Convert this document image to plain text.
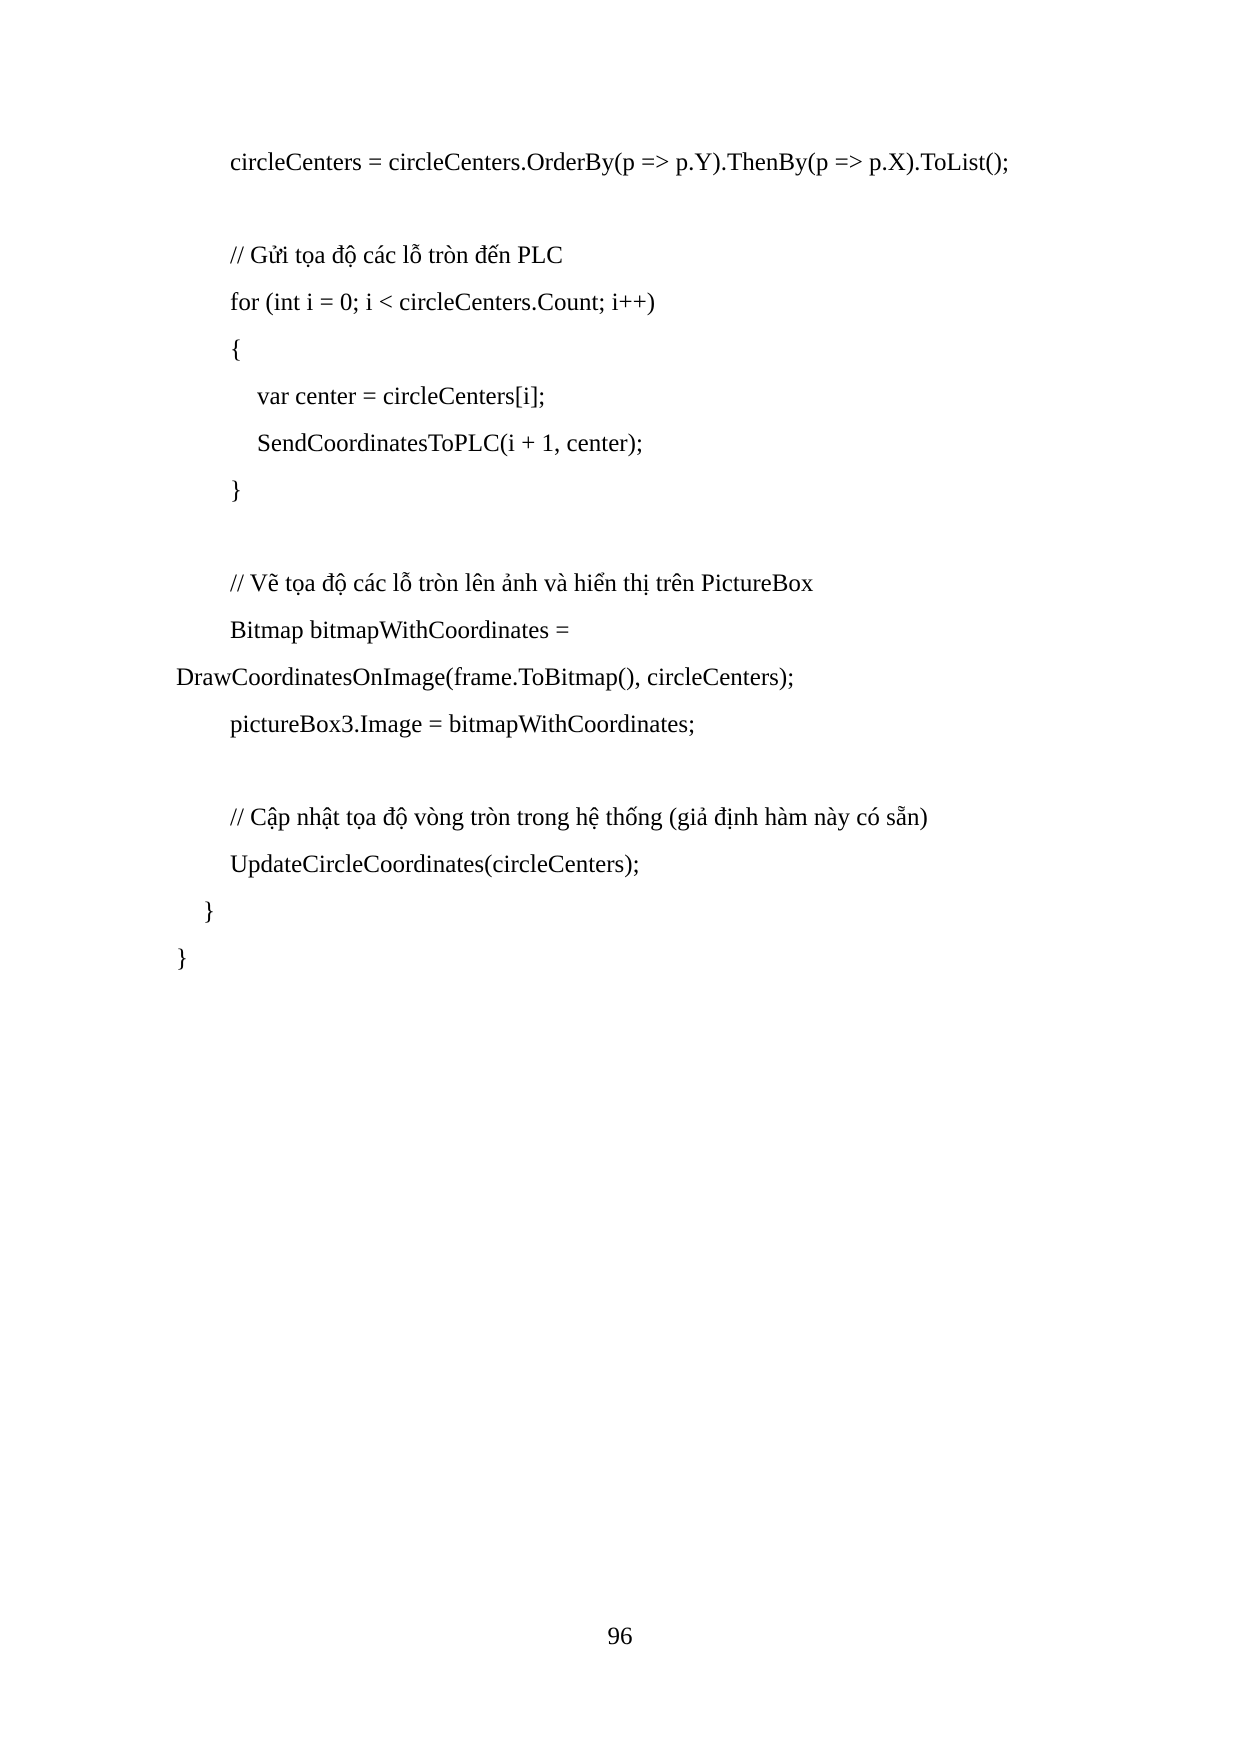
circleCenters = circleCenters.OrderBy(p => p.Y).ThenBy(p => p.X).ToList();
// Gửi tọa độ các lỗ tròn đến PLC
for (int i = 0; i < circleCenters.Count; i++)
{
var center = circleCenters[i];
SendCoordinatesToPLC(i + 1, center);
}
// Vẽ tọa độ các lỗ tròn lên ảnh và hiển thị trên PictureBox
Bitmap bitmapWithCoordinates =
DrawCoordinatesOnImage(frame.ToBitmap(), circleCenters);
pictureBox3.Image = bitmapWithCoordinates;
// Cập nhật tọa độ vòng tròn trong hệ thống (giả định hàm này có sẵn)
UpdateCircleCoordinates(circleCenters);
}
}
96
